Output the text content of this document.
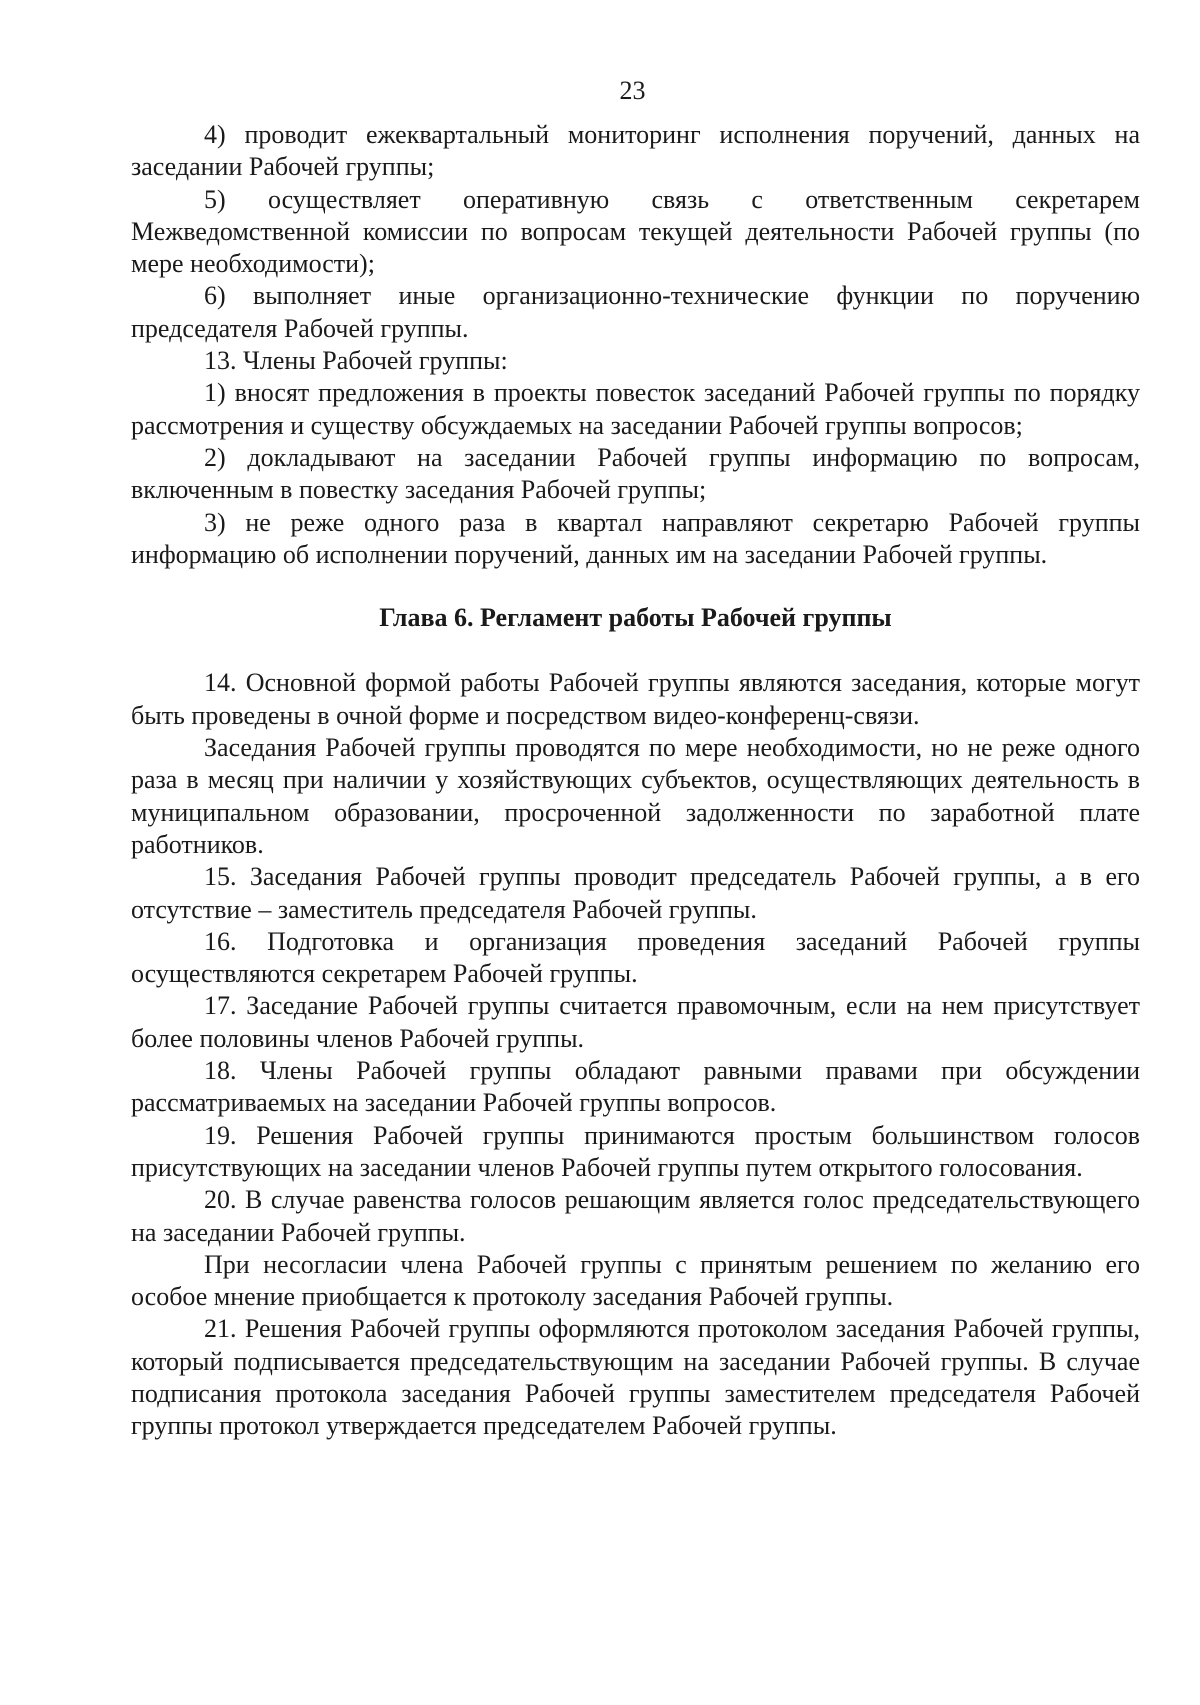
23

4) проводит ежеквартальный мониторинг исполнения поручений, данных на заседании Рабочей группы;

5) осуществляет оперативную связь с ответственным секретарем Межведомственной комиссии по вопросам текущей деятельности Рабочей группы (по мере необходимости);

6) выполняет иные организационно-технические функции по поручению председателя Рабочей группы.

13. Члены Рабочей группы:

1) вносят предложения в проекты повесток заседаний Рабочей группы по порядку рассмотрения и существу обсуждаемых на заседании Рабочей группы вопросов;

2) докладывают на заседании Рабочей группы информацию по вопросам, включенным в повестку заседания Рабочей группы;

3) не реже одного раза в квартал направляют секретарю Рабочей группы информацию об исполнении поручений, данных им на заседании Рабочей группы.

Глава 6. Регламент работы Рабочей группы

14. Основной формой работы Рабочей группы являются заседания, которые могут быть проведены в очной форме и посредством видео-конференц-связи.

Заседания Рабочей группы проводятся по мере необходимости, но не реже одного раза в месяц при наличии у хозяйствующих субъектов, осуществляющих деятельность в муниципальном образовании, просроченной задолженности по заработной плате работников.

15. Заседания Рабочей группы проводит председатель Рабочей группы, а в его отсутствие – заместитель председателя Рабочей группы.

16. Подготовка и организация проведения заседаний Рабочей группы осуществляются секретарем Рабочей группы.

17. Заседание Рабочей группы считается правомочным, если на нем присутствует более половины членов Рабочей группы.

18. Члены Рабочей группы обладают равными правами при обсуждении рассматриваемых на заседании Рабочей группы вопросов.

19. Решения Рабочей группы принимаются простым большинством голосов присутствующих на заседании членов Рабочей группы путем открытого голосования.

20. В случае равенства голосов решающим является голос председательствующего на заседании Рабочей группы.

При несогласии члена Рабочей группы с принятым решением по желанию его особое мнение приобщается к протоколу заседания Рабочей группы.

21. Решения Рабочей группы оформляются протоколом заседания Рабочей группы, который подписывается председательствующим на заседании Рабочей группы. В случае подписания протокола заседания Рабочей группы заместителем председателя Рабочей группы протокол утверждается председателем Рабочей группы.
